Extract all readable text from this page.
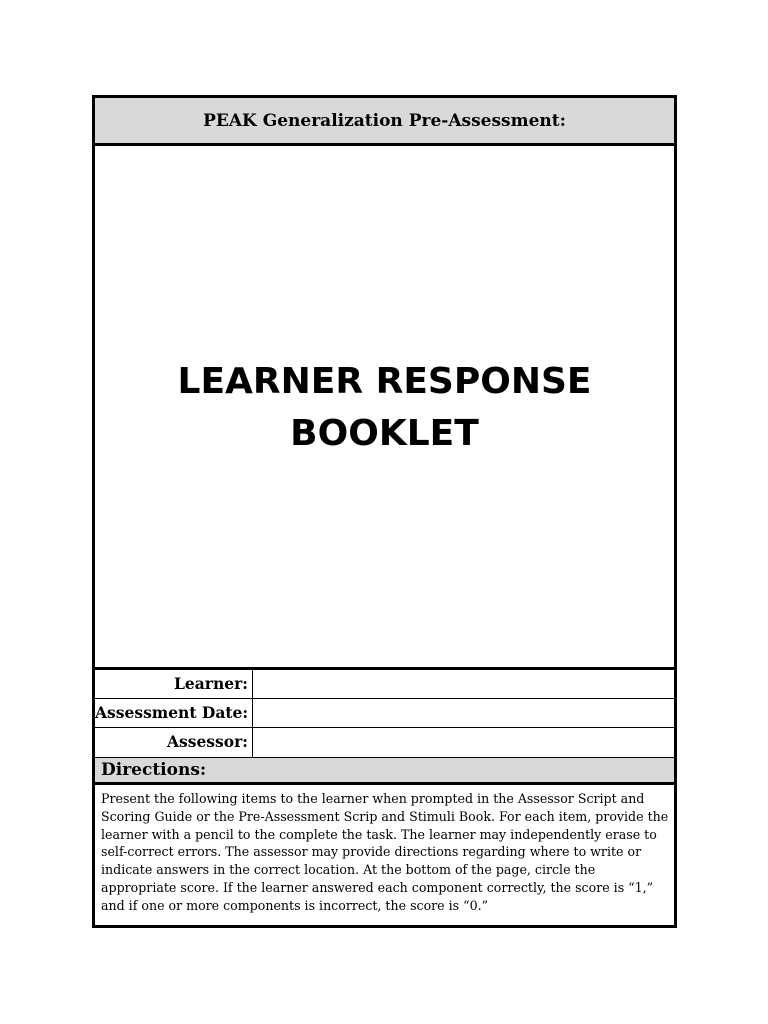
PEAK Generalization Pre-Assessment:
LEARNER RESPONSE
BOOKLET
Learner:
Assessment Date:
Assessor:
Directions:

Present the following items to the learner when prompted in the Assessor Script and

Scoring Guide or the Pre-Assessment Scrip and Stimuli Book. For each item, provide the

learner with a pencil to the complete the task. The learner may independently erase to

self-correct errors. The assessor may provide directions regarding where to write or

indicate answers in the correct location. At the bottom of the page, circle the

appropriate score. If the learner answered each component correctly, the score is “1,”

and if one or more components is incorrect, the score is “0.”
